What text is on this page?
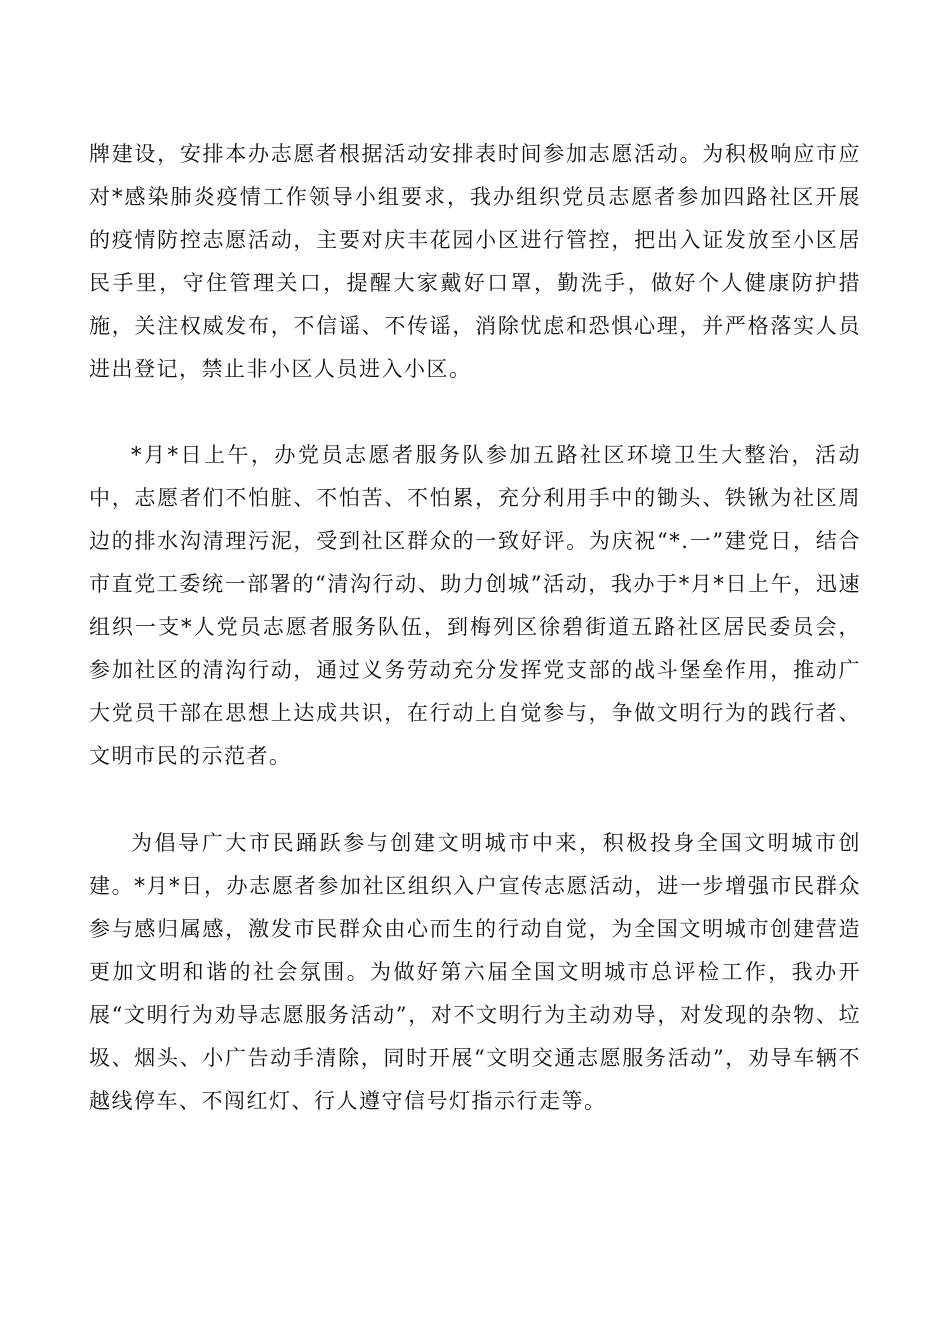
牌建设，安排本办志愿者根据活动安排表时间参加志愿活动。为积极响应市应对*感染肺炎疫情工作领导小组要求，我办组织党员志愿者参加四路社区开展的疫情防控志愿活动，主要对庆丰花园小区进行管控，把出入证发放至小区居民手里，守住管理关口，提醒大家戴好口罩，勤洗手，做好个人健康防护措施，关注权威发布，不信谣、不传谣，消除忧虑和恐惧心理，并严格落实人员进出登记，禁止非小区人员进入小区。

*月*日上午，办党员志愿者服务队参加五路社区环境卫生大整治，活动中，志愿者们不怕脏、不怕苦、不怕累，充分利用手中的锄头、铁锹为社区周边的排水沟清理污泥，受到社区群众的一致好评。为庆祝“*.一”建党日，结合市直党工委统一部署的“清沟行动、助力创城”活动，我办于*月*日上午，迅速组织一支*人党员志愿者服务队伍，到梅列区徐碧街道五路社区居民委员会，参加社区的清沟行动，通过义务劳动充分发挥党支部的战斗堡垒作用，推动广大党员干部在思想上达成共识，在行动上自觉参与，争做文明行为的践行者、文明市民的示范者。

为倡导广大市民踊跃参与创建文明城市中来，积极投身全国文明城市创建。*月*日，办志愿者参加社区组织入户宣传志愿活动，进一步增强市民群众参与感归属感，激发市民群众由心而生的行动自觉，为全国文明城市创建营造更加文明和谐的社会氛围。为做好第六届全国文明城市总评检工作，我办开展“文明行为劝导志愿服务活动”，对不文明行为主动劝导，对发现的杂物、垃圾、烟头、小广告动手清除，同时开展“文明交通志愿服务活动”，劝导车辆不越线停车、不闯红灯、行人遵守信号灯指示行走等。
